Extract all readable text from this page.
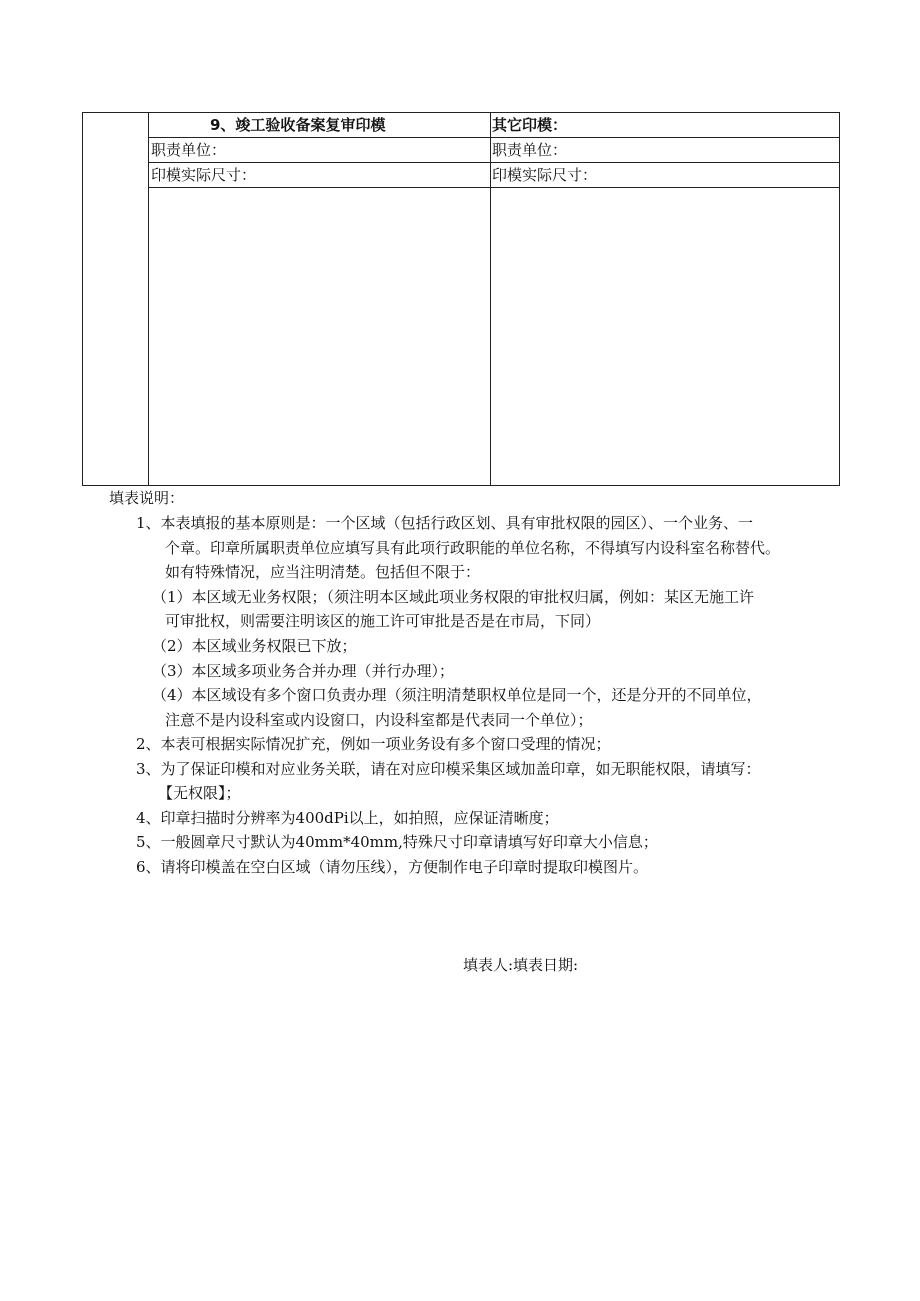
9、竣工验收备案复审印模	其它印模：
职责单位：	职责单位：
印模实际尺寸：	印模实际尺寸：
填表说明：
1、本表填报的基本原则是：一个区域（包括行政区划、具有审批权限的园区）、一个业务、一
个章。印章所属职责单位应填写具有此项行政职能的单位名称，不得填写内设科室名称替代。
如有特殊情况，应当注明清楚。包括但不限于：
（1）本区域无业务权限；（须注明本区域此项业务权限的审批权归属，例如：某区无施工许
可审批权，则需要注明该区的施工许可审批是否是在市局，下同）
（2）本区域业务权限已下放；
（3）本区域多项业务合并办理（并行办理）；
（4）本区域设有多个窗口负责办理（须注明清楚职权单位是同一个，还是分开的不同单位，
注意不是内设科室或内设窗口，内设科室都是代表同一个单位）；
2、本表可根据实际情况扩充，例如一项业务设有多个窗口受理的情况；
3、为了保证印模和对应业务关联，请在对应印模采集区域加盖印章，如无职能权限，请填写：
【无权限】；
4、印章扫描时分辨率为400dPi以上，如拍照，应保证清晰度；
5、一般圆章尺寸默认为40mm*40mm,特殊尺寸印章请填写好印章大小信息；
6、请将印模盖在空白区域（请勿压线），方便制作电子印章时提取印模图片。
填表人:填表日期:
